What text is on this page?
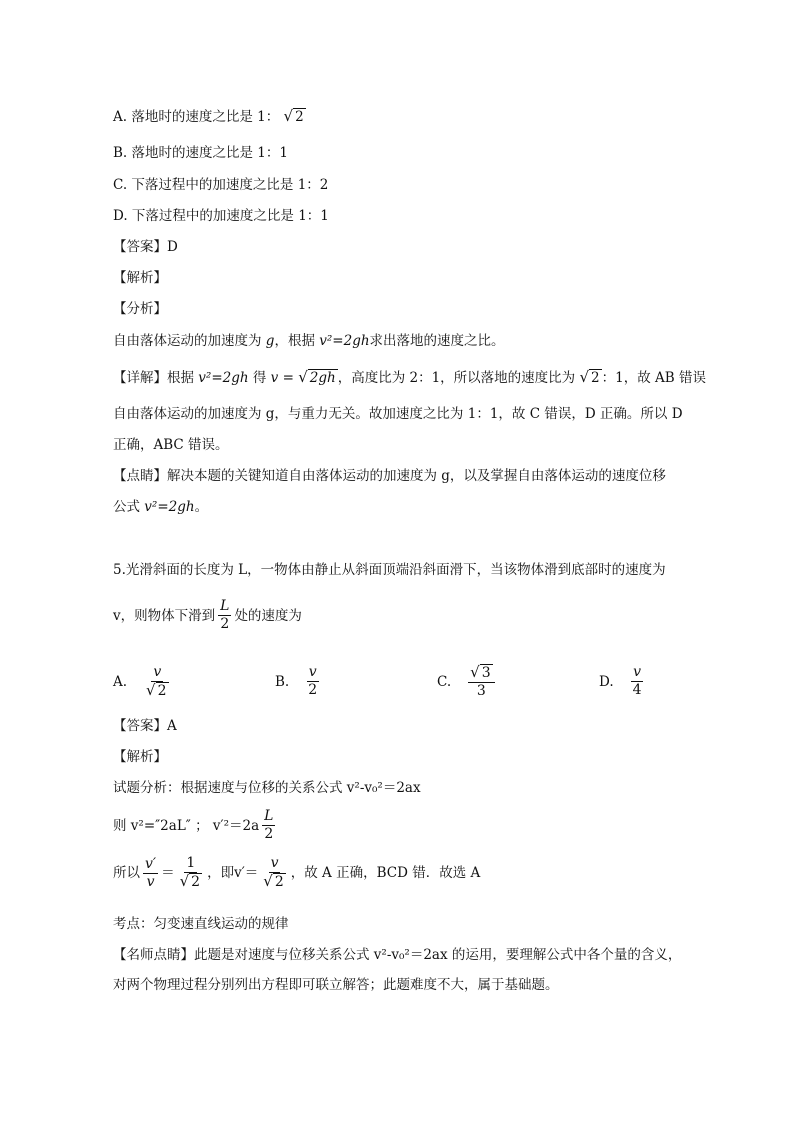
A. 落地时的速度之比是 1： √ 2
B. 落地时的速度之比是 1：1
C. 下落过程中的加速度之比是 1：2
D. 下落过程中的加速度之比是 1：1
【答案】D
【解析】
【分析】
自由落体运动的加速度为 g，根据 v²=2gh求出落地的速度之比。
【详解】根据 v²=2gh 得 v = √ 2gh ，高度比为 2：1，所以落地的速度比为 √ 2 ：1，故 AB 错误
自由落体运动的加速度为 g，与重力无关。故加速度之比为 1：1，故 C 错误，D 正确。所以 D
正确，ABC 错误。
【点睛】解决本题的关键知道自由落体运动的加速度为 g，以及掌握自由落体运动的速度位移
公式 v²=2gh。
5.光滑斜面的长度为 L，一物体由静止从斜面顶端沿斜面滑下，当该物体滑到底部时的速度为
v，则物体下滑到 $\frac{L}{2}$ 处的速度为
A. $\frac{v}{√ 2}$	B. $\frac{v}{2}$	C. $\frac{√ 3}{3}$	D. $\frac{v}{4}$
【答案】A
【解析】
试题分析：根据速度与位移的关系公式 v²-v₀²＝2ax
则 v²=″2aL″ ； $v'^2=2a \frac{L}{2}$
所以 $\frac{v'}{v} = \frac{1}{√ 2}$ ，即$v'= \frac{v}{√ 2}$ ，故 A 正确，BCD 错．故选 A
考点：匀变速直线运动的规律
【名师点睛】此题是对速度与位移关系公式 v²-v₀²＝2ax 的运用，要理解公式中各个量的含义，
对两个物理过程分别列出方程即可联立解答；此题难度不大，属于基础题。
